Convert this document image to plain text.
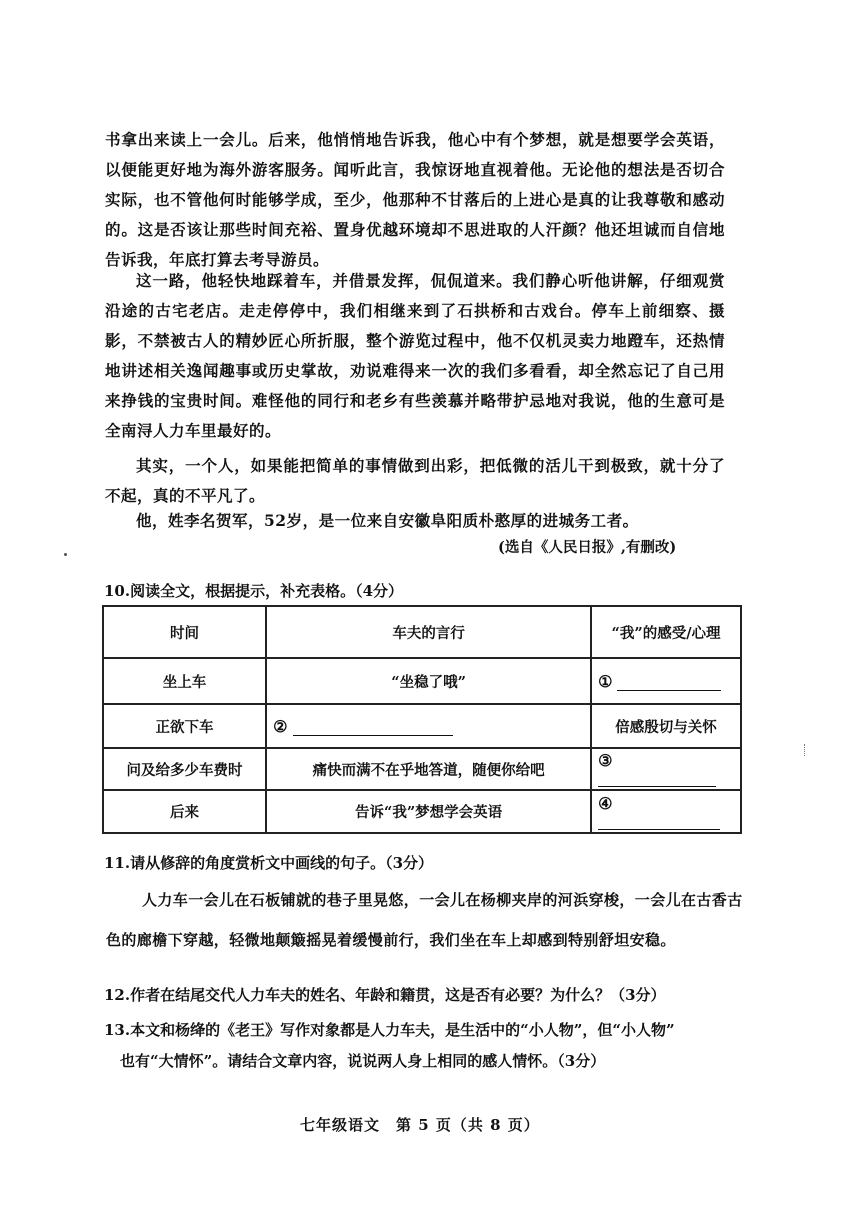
书拿出来读上一会儿。后来，他悄悄地告诉我，他心中有个梦想，就是想要学会英语，以便能更好地为海外游客服务。闻听此言，我惊讶地直视着他。无论他的想法是否切合实际，也不管他何时能够学成，至少，他那种不甘落后的上进心是真的让我尊敬和感动的。这是否该让那些时间充裕、置身优越环境却不思进取的人汗颜？他还坦诚而自信地告诉我，年底打算去考导游员。

这一路，他轻快地踩着车，并借景发挥，侃侃道来。我们静心听他讲解，仔细观赏沿途的古宅老店。走走停停中，我们相继来到了石拱桥和古戏台。停车上前细察、摄影，不禁被古人的精妙匠心所折服，整个游览过程中，他不仅机灵卖力地蹬车，还热情地讲述相关逸闻趣事或历史掌故，劝说难得来一次的我们多看看，却全然忘记了自己用来挣钱的宝贵时间。难怪他的同行和老乡有些羡慕并略带护忌地对我说，他的生意可是全南浔人力车里最好的。

其实，一个人，如果能把简单的事情做到出彩，把低微的活儿干到极致，就十分了不起，真的不平凡了。

他，姓李名贺军，52岁，是一位来自安徽阜阳质朴憨厚的进城务工者。

(选自《人民日报》,有删改)

10.阅读全文，根据提示，补充表格。（4分）

时间	车夫的言行	“我”的感受/心理
坐上车	“坐稳了哦”	①
正欲下车	②	倍感殷切与关怀
问及给多少车费时	痛快而满不在乎地答道，随便你给吧	③
后来	告诉“我”梦想学会英语	④

11.请从修辞的角度赏析文中画线的句子。（3分）

人力车一会儿在石板铺就的巷子里晃悠，一会儿在杨柳夹岸的河浜穿梭，一会儿在古香古色的廊檐下穿越，轻微地颠簸摇晃着缓慢前行，我们坐在车上却感到特别舒坦安稳。

12.作者在结尾交代人力车夫的姓名、年龄和籍贯，这是否有必要？为什么？（3分）

13.本文和杨绛的《老王》写作对象都是人力车夫，是生活中的“小人物”，但“小人物”

也有“大情怀”。请结合文章内容，说说两人身上相同的感人情怀。（3分）

七年级语文　第 5 页（共 8 页）
